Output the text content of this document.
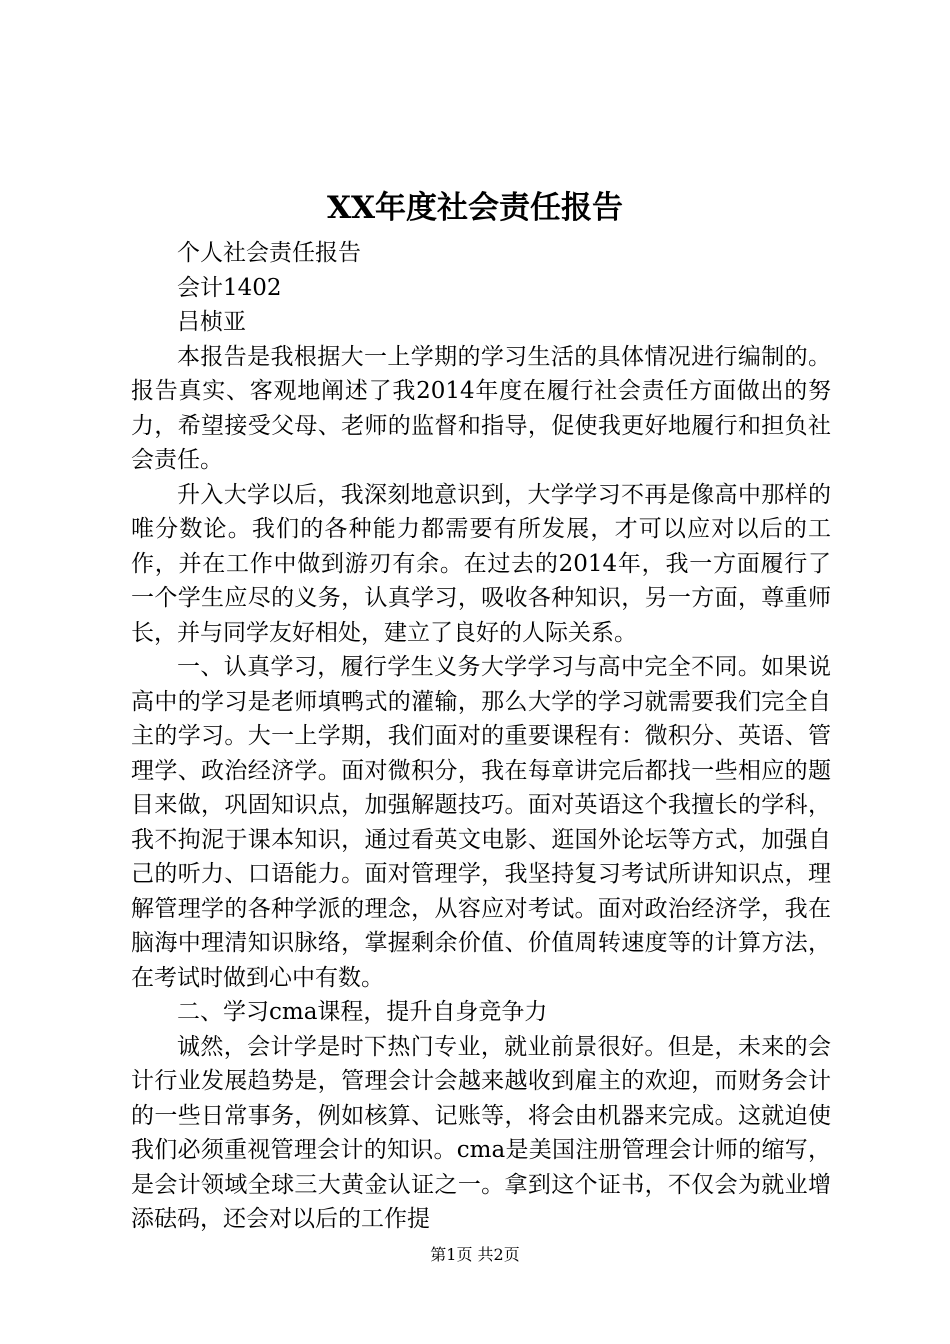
XX年度社会责任报告

个人社会责任报告

会计1402

吕桢亚

本报告是我根据大一上学期的学习生活的具体情况进行编制的。报告真实、客观地阐述了我2014年度在履行社会责任方面做出的努力，希望接受父母、老师的监督和指导，促使我更好地履行和担负社会责任。

升入大学以后，我深刻地意识到，大学学习不再是像高中那样的唯分数论。我们的各种能力都需要有所发展，才可以应对以后的工作，并在工作中做到游刃有余。在过去的2014年，我一方面履行了一个学生应尽的义务，认真学习，吸收各种知识，另一方面，尊重师长，并与同学友好相处，建立了良好的人际关系。

一、认真学习，履行学生义务大学学习与高中完全不同。如果说高中的学习是老师填鸭式的灌输，那么大学的学习就需要我们完全自主的学习。大一上学期，我们面对的重要课程有：微积分、英语、管理学、政治经济学。面对微积分，我在每章讲完后都找一些相应的题目来做，巩固知识点，加强解题技巧。面对英语这个我擅长的学科，我不拘泥于课本知识，通过看英文电影、逛国外论坛等方式，加强自己的听力、口语能力。面对管理学，我坚持复习考试所讲知识点，理解管理学的各种学派的理念，从容应对考试。面对政治经济学，我在脑海中理清知识脉络，掌握剩余价值、价值周转速度等的计算方法，在考试时做到心中有数。

二、学习cma课程，提升自身竞争力

诚然，会计学是时下热门专业，就业前景很好。但是，未来的会计行业发展趋势是，管理会计会越来越收到雇主的欢迎，而财务会计的一些日常事务，例如核算、记账等，将会由机器来完成。这就迫使我们必须重视管理会计的知识。cma是美国注册管理会计师的缩写，是会计领域全球三大黄金认证之一。拿到这个证书，不仅会为就业增添砝码，还会对以后的工作提

第1页 共2页
